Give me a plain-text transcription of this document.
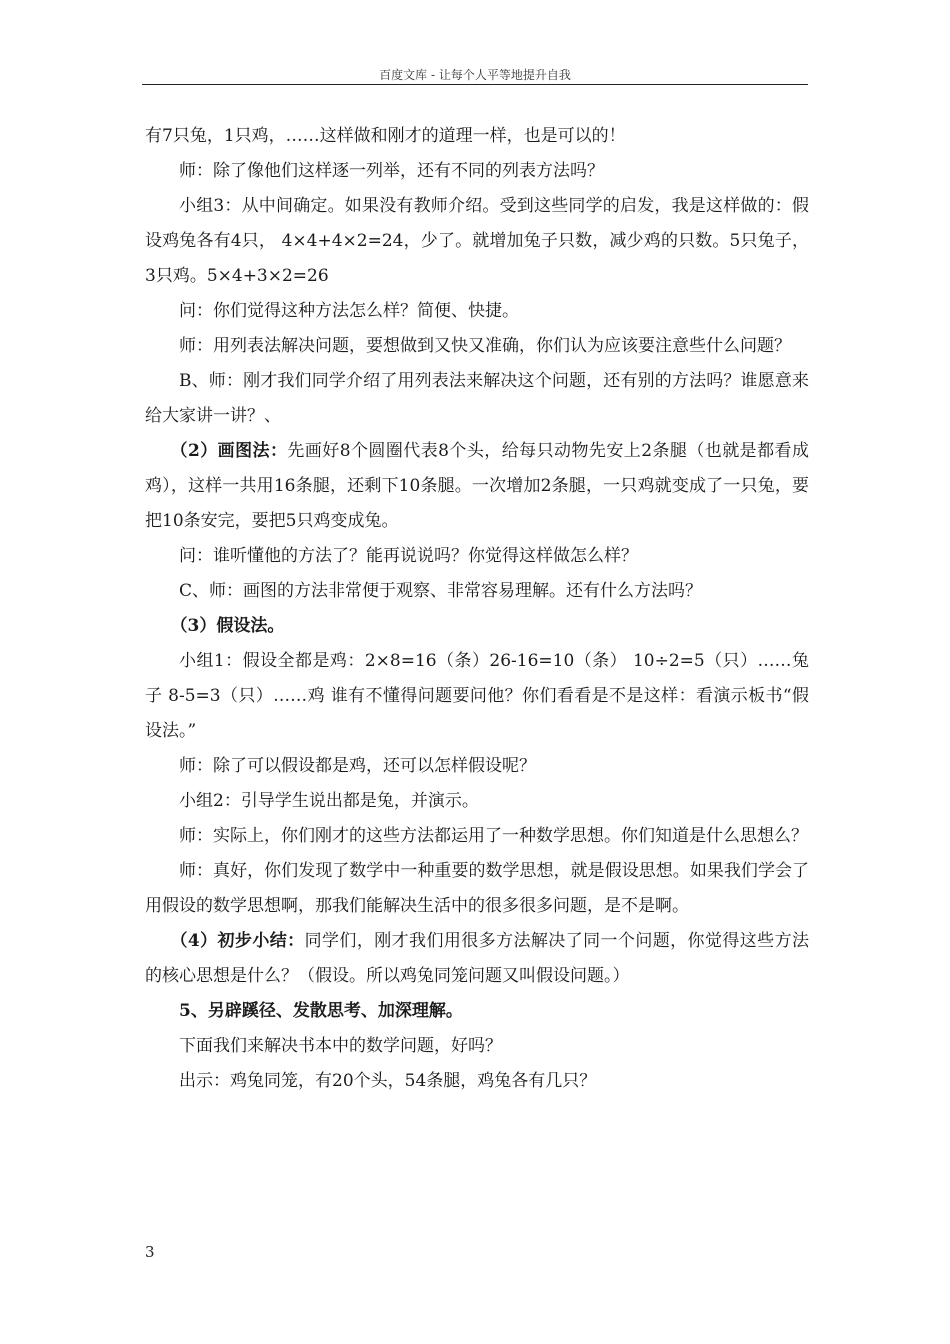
百度文库 - 让每个人平等地提升自我

有7只兔，1只鸡，……这样做和刚才的道理一样，也是可以的！

师：除了像他们这样逐一列举，还有不同的列表方法吗？

小组3：从中间确定。如果没有教师介绍。受到这些同学的启发，我是这样做的：假设鸡兔各有4只， 4×4+4×2=24，少了。就增加兔子只数，减少鸡的只数。5只兔子，3只鸡。5×4+3×2=26

问：你们觉得这种方法怎么样？简便、快捷。

师：用列表法解决问题，要想做到又快又准确，你们认为应该要注意些什么问题？

B、师：刚才我们同学介绍了用列表法来解决这个问题，还有别的方法吗？谁愿意来给大家讲一讲？、

（2）画图法：先画好8个圆圈代表8个头，给每只动物先安上2条腿（也就是都看成鸡），这样一共用16条腿，还剩下10条腿。一次增加2条腿，一只鸡就变成了一只兔，要把10条安完，要把5只鸡变成兔。

问：谁听懂他的方法了？能再说说吗？你觉得这样做怎么样？

C、师：画图的方法非常便于观察、非常容易理解。还有什么方法吗？

（3）假设法。

小组1：假设全都是鸡：2×8=16（条）26-16=10（条） 10÷2=5（只）……兔子 8-5=3（只）……鸡 谁有不懂得问题要问他？你们看看是不是这样：看演示板书“假设法。”

师：除了可以假设都是鸡，还可以怎样假设呢？

小组2：引导学生说出都是兔，并演示。

师：实际上，你们刚才的这些方法都运用了一种数学思想。你们知道是什么思想么？

师：真好，你们发现了数学中一种重要的数学思想，就是假设思想。如果我们学会了用假设的数学思想啊，那我们能解决生活中的很多很多问题，是不是啊。

（4）初步小结：同学们，刚才我们用很多方法解决了同一个问题，你觉得这些方法的核心思想是什么？（假设。所以鸡兔同笼问题又叫假设问题。）

5、另辟蹊径、发散思考、加深理解。

下面我们来解决书本中的数学问题，好吗？

出示：鸡兔同笼，有20个头，54条腿，鸡兔各有几只？

3
